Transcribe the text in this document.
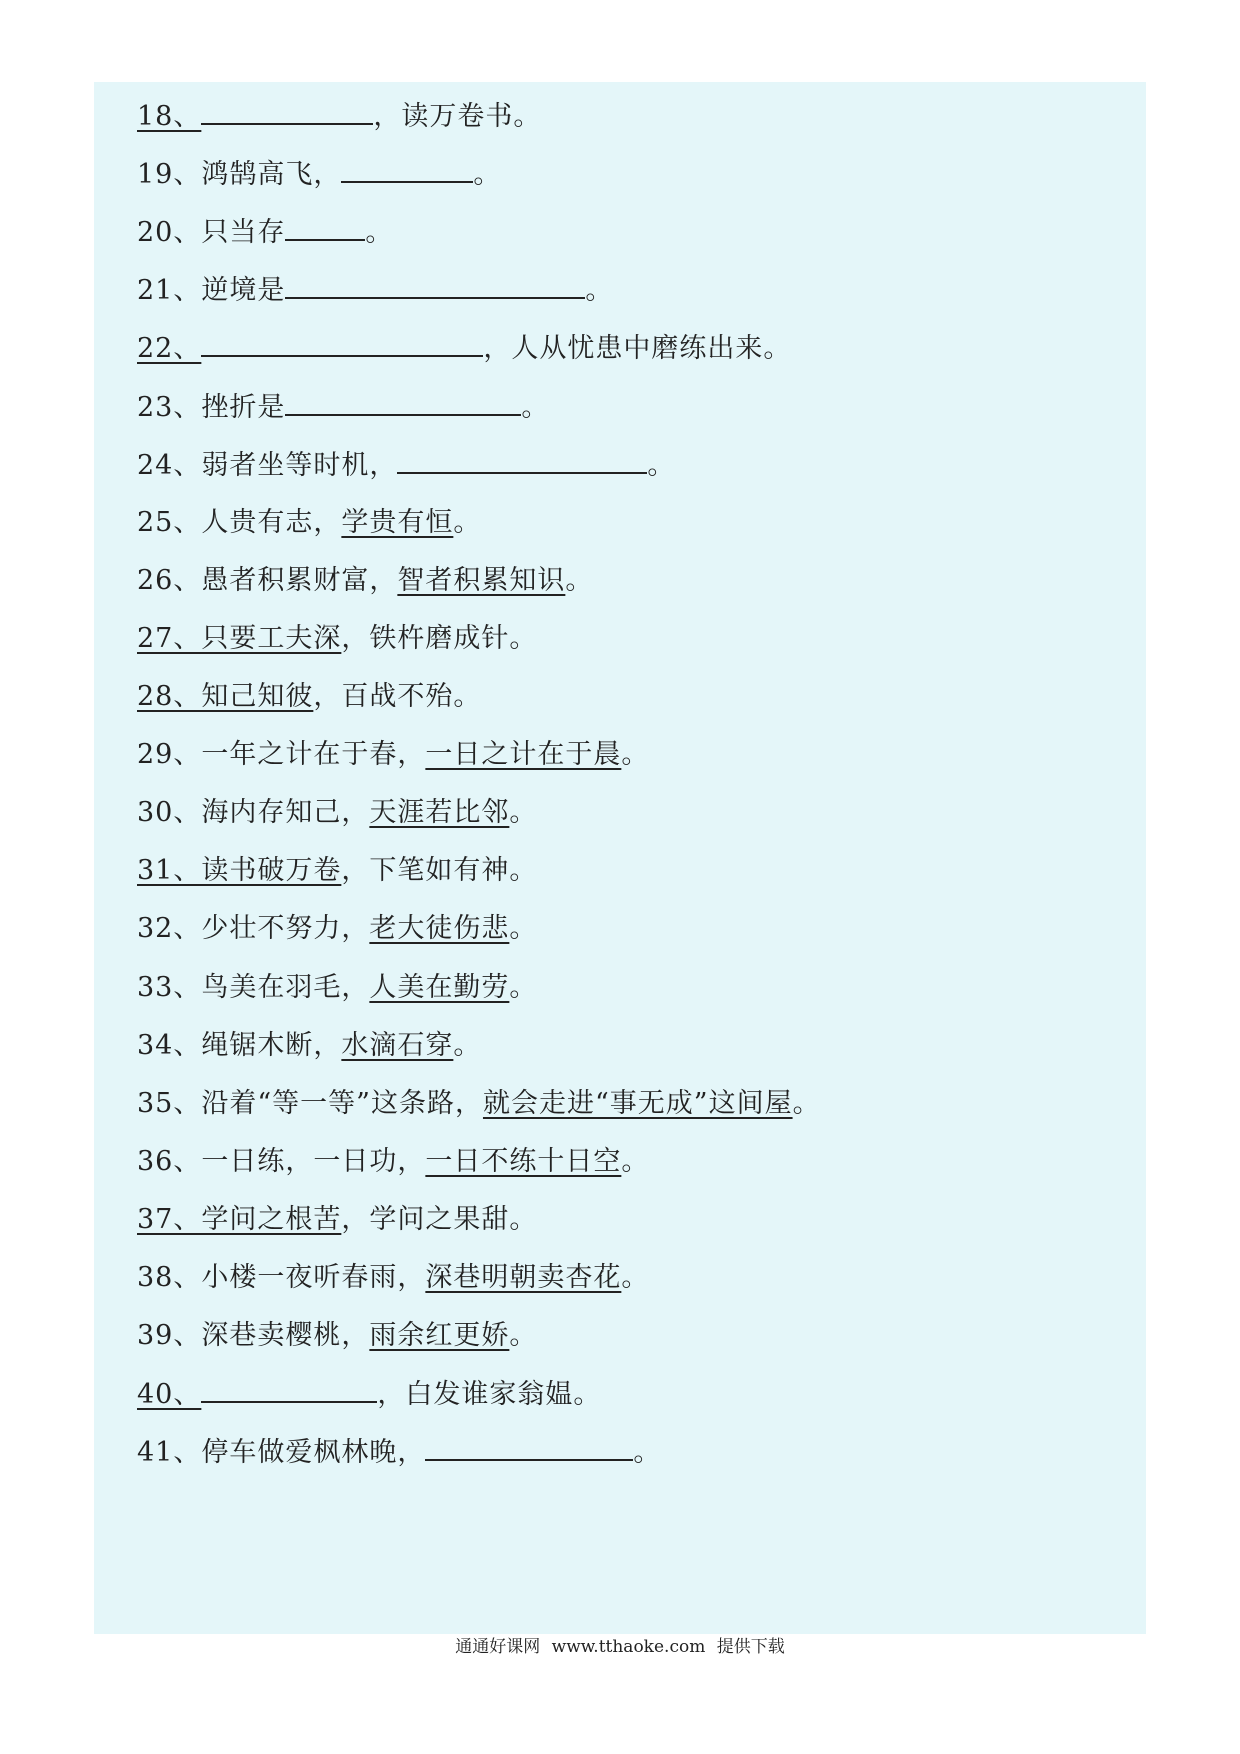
18、	，读万卷书。
19、鸿鹄高飞，	。
20、只当存	。
21、逆境是	。
22、	，人从忧患中磨练出来。
23、挫折是	。
24、弱者坐等时机，	。
25、人贵有志，学贵有恒。
26、愚者积累财富，智者积累知识。
27、只要工夫深，铁杵磨成针。
28、知己知彼，百战不殆。
29、一年之计在于春，一日之计在于晨。
30、海内存知己，天涯若比邻。
31、读书破万卷，下笔如有神。
32、少壮不努力，老大徒伤悲。
33、鸟美在羽毛，人美在勤劳。
34、绳锯木断，水滴石穿。
35、沿着“等一等”这条路，就会走进“事无成”这间屋。
36、一日练，一日功，一日不练十日空。
37、学问之根苦，学问之果甜。
38、小楼一夜听春雨，深巷明朝卖杏花。
39、深巷卖樱桃，雨余红更娇。
40、	，白发谁家翁媪。
41、停车做爱枫林晚，	。
通通好课网 www.tthaoke.com 提供下载
